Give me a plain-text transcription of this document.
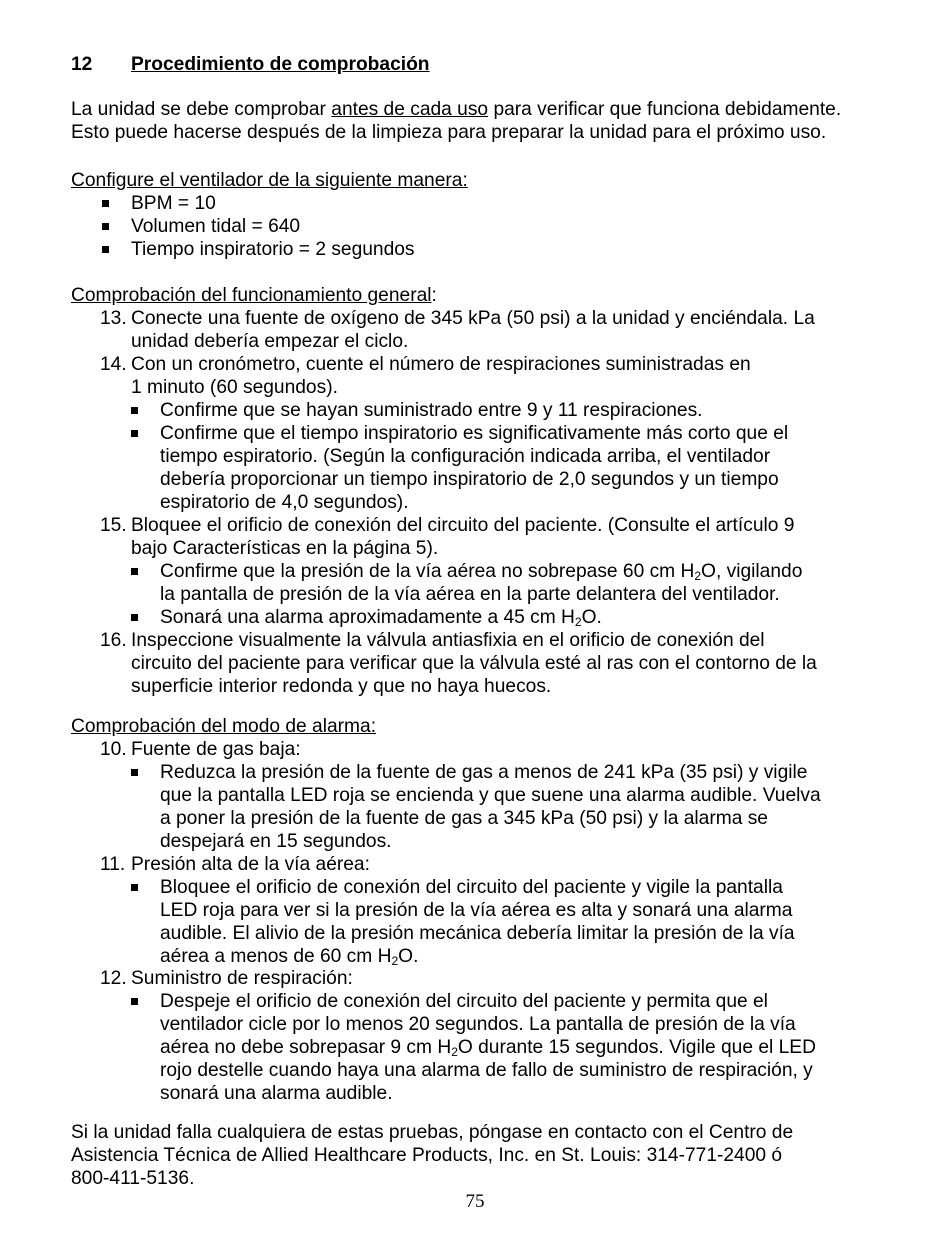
12 Procedimiento de comprobación
La unidad se debe comprobar antes de cada uso para verificar que funciona debidamente.
Esto puede hacerse después de la limpieza para preparar la unidad para el próximo uso.
Configure el ventilador de la siguiente manera:
BPM = 10
Volumen tidal = 640
Tiempo inspiratorio = 2 segundos
Comprobación del funcionamiento general:
13. Conecte una fuente de oxígeno de 345 kPa (50 psi) a la unidad y enciéndala. La
unidad debería empezar el ciclo.
14. Con un cronómetro, cuente el número de respiraciones suministradas en
1 minuto (60 segundos).
Confirme que se hayan suministrado entre 9 y 11 respiraciones.
Confirme que el tiempo inspiratorio es significativamente más corto que el
tiempo espiratorio. (Según la configuración indicada arriba, el ventilador
debería proporcionar un tiempo inspiratorio de 2,0 segundos y un tiempo
espiratorio de 4,0 segundos).
15. Bloquee el orificio de conexión del circuito del paciente. (Consulte el artículo 9
bajo Características en la página 5).
Confirme que la presión de la vía aérea no sobrepase 60 cm $H_2O$, vigilando
la pantalla de presión de la vía aérea en la parte delantera del ventilador.
Sonará una alarma aproximadamente a 45 cm $H_2O$.
16. Inspeccione visualmente la válvula antiasfixia en el orificio de conexión del
circuito del paciente para verificar que la válvula esté al ras con el contorno de la
superficie interior redonda y que no haya huecos.
Comprobación del modo de alarma:
10. Fuente de gas baja:
Reduzca la presión de la fuente de gas a menos de 241 kPa (35 psi) y vigile
que la pantalla LED roja se encienda y que suene una alarma audible. Vuelva
a poner la presión de la fuente de gas a 345 kPa (50 psi) y la alarma se
despejará en 15 segundos.
11. Presión alta de la vía aérea:
Bloquee el orificio de conexión del circuito del paciente y vigile la pantalla
LED roja para ver si la presión de la vía aérea es alta y sonará una alarma
audible. El alivio de la presión mecánica debería limitar la presión de la vía
aérea a menos de 60 cm $H_2O$.
12. Suministro de respiración:
Despeje el orificio de conexión del circuito del paciente y permita que el
ventilador cicle por lo menos 20 segundos. La pantalla de presión de la vía
aérea no debe sobrepasar 9 cm $H_2O$ durante 15 segundos. Vigile que el LED
rojo destelle cuando haya una alarma de fallo de suministro de respiración, y
sonará una alarma audible.
Si la unidad falla cualquiera de estas pruebas, póngase en contacto con el Centro de
Asistencia Técnica de Allied Healthcare Products, Inc. en St. Louis: 314-771-2400 ó
800-411-5136.
75
